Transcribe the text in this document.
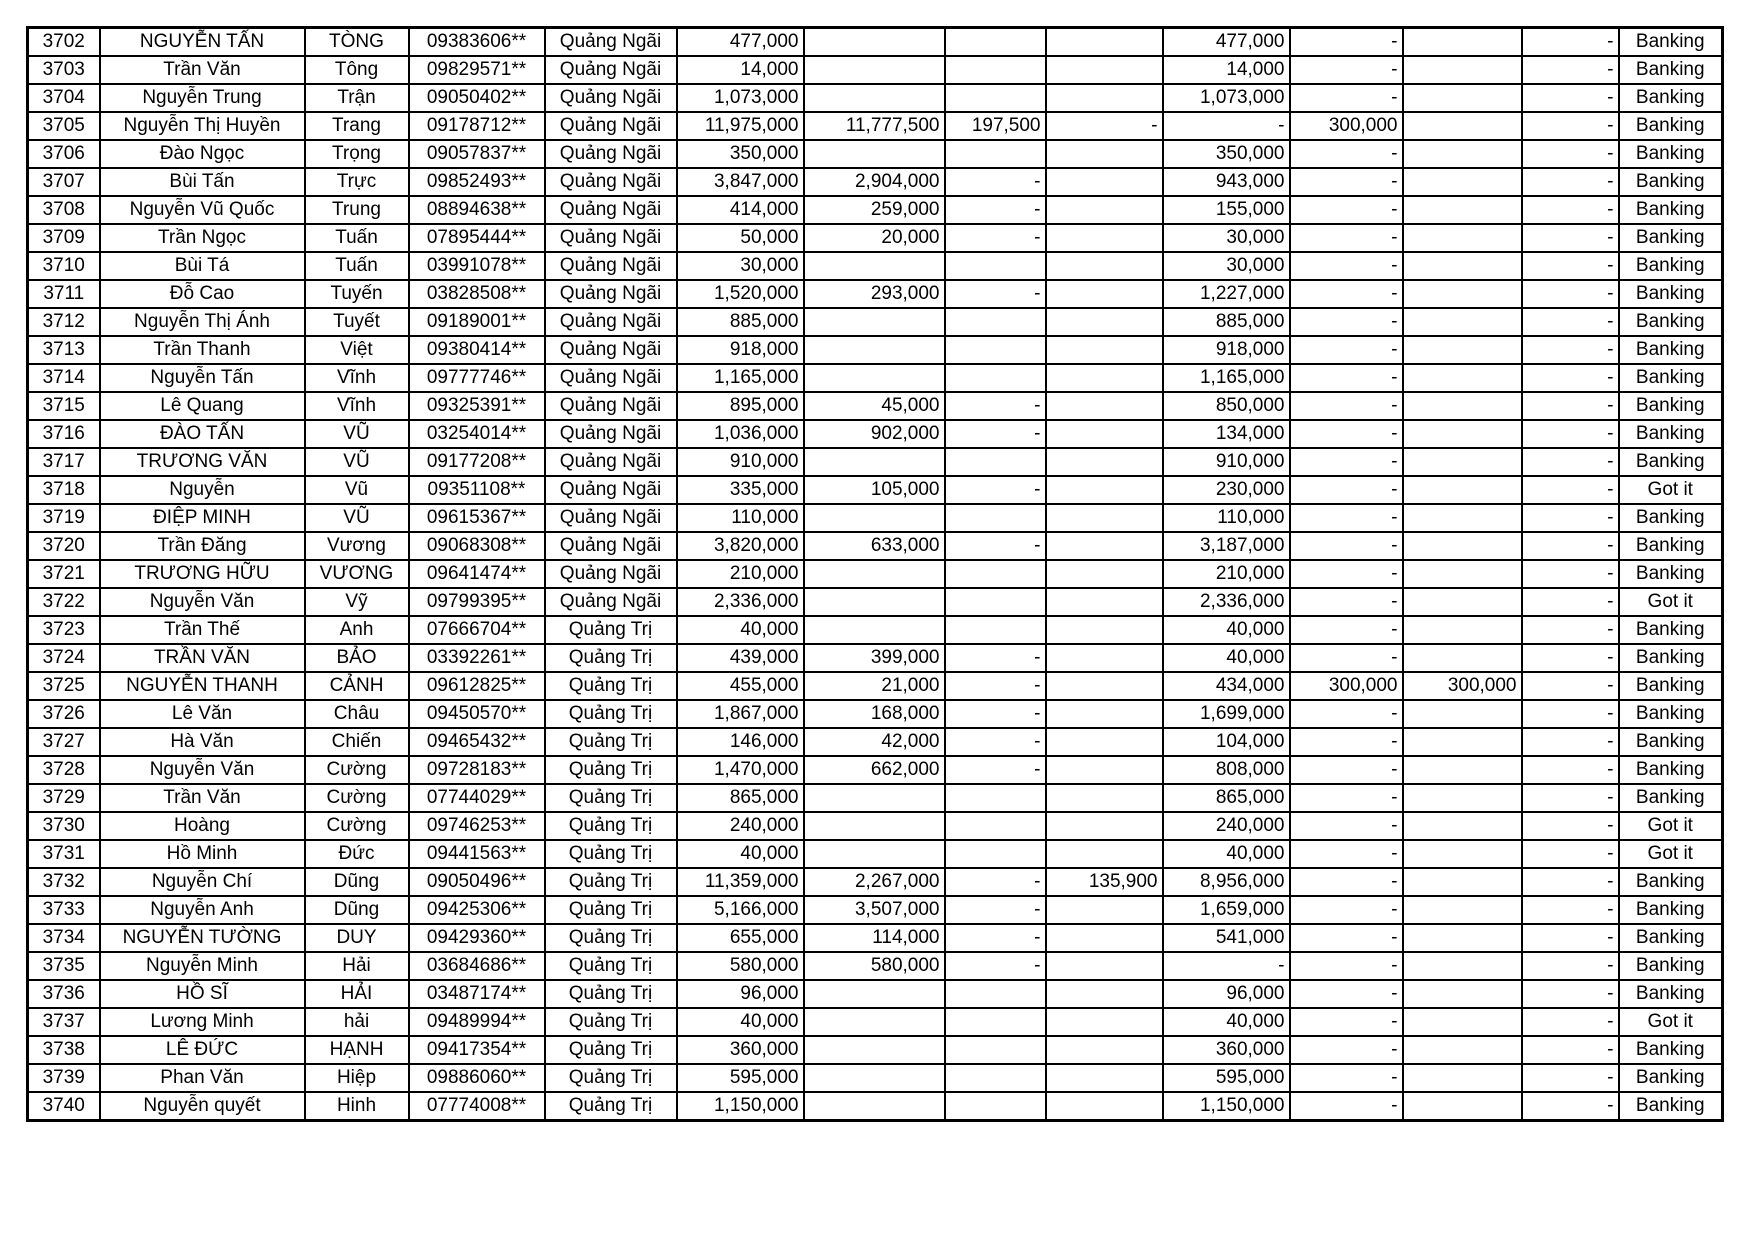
3702	NGUYỄN TẤN	TÒNG	09383606**	Quảng Ngãi	477,000				477,000	-		-	Banking
3703	Trần Văn	Tông	09829571**	Quảng Ngãi	14,000				14,000	-		-	Banking
3704	Nguyễn Trung	Trận	09050402**	Quảng Ngãi	1,073,000				1,073,000	-		-	Banking
3705	Nguyễn Thị Huyền	Trang	09178712**	Quảng Ngãi	11,975,000	11,777,500	197,500	-	-	300,000		-	Banking
3706	Đào Ngọc	Trọng	09057837**	Quảng Ngãi	350,000				350,000	-		-	Banking
3707	Bùi Tấn	Trực	09852493**	Quảng Ngãi	3,847,000	2,904,000	-		943,000	-		-	Banking
3708	Nguyễn Vũ Quốc	Trung	08894638**	Quảng Ngãi	414,000	259,000	-		155,000	-		-	Banking
3709	Trần Ngọc	Tuấn	07895444**	Quảng Ngãi	50,000	20,000	-		30,000	-		-	Banking
3710	Bùi Tá	Tuấn	03991078**	Quảng Ngãi	30,000				30,000	-		-	Banking
3711	Đỗ Cao	Tuyến	03828508**	Quảng Ngãi	1,520,000	293,000	-		1,227,000	-		-	Banking
3712	Nguyễn Thị Ánh	Tuyết	09189001**	Quảng Ngãi	885,000				885,000	-		-	Banking
3713	Trần Thanh	Việt	09380414**	Quảng Ngãi	918,000				918,000	-		-	Banking
3714	Nguyễn Tấn	Vĩnh	09777746**	Quảng Ngãi	1,165,000				1,165,000	-		-	Banking
3715	Lê Quang	Vĩnh	09325391**	Quảng Ngãi	895,000	45,000	-		850,000	-		-	Banking
3716	ĐÀO TẤN	VŨ	03254014**	Quảng Ngãi	1,036,000	902,000	-		134,000	-		-	Banking
3717	TRƯƠNG VĂN	VŨ	09177208**	Quảng Ngãi	910,000				910,000	-		-	Banking
3718	Nguyễn	Vũ	09351108**	Quảng Ngãi	335,000	105,000	-		230,000	-		-	Got it
3719	ĐIỆP MINH	VŨ	09615367**	Quảng Ngãi	110,000				110,000	-		-	Banking
3720	Trần Đăng	Vương	09068308**	Quảng Ngãi	3,820,000	633,000	-		3,187,000	-		-	Banking
3721	TRƯƠNG HỮU	VƯƠNG	09641474**	Quảng Ngãi	210,000				210,000	-		-	Banking
3722	Nguyễn Văn	Vỹ	09799395**	Quảng Ngãi	2,336,000				2,336,000	-		-	Got it
3723	Trần Thế	Anh	07666704**	Quảng Trị	40,000				40,000	-		-	Banking
3724	TRẦN VĂN	BẢO	03392261**	Quảng Trị	439,000	399,000	-		40,000	-		-	Banking
3725	NGUYỄN THANH	CẢNH	09612825**	Quảng Trị	455,000	21,000	-		434,000	300,000	300,000	-	Banking
3726	Lê Văn	Châu	09450570**	Quảng Trị	1,867,000	168,000	-		1,699,000	-		-	Banking
3727	Hà Văn	Chiến	09465432**	Quảng Trị	146,000	42,000	-		104,000	-		-	Banking
3728	Nguyễn Văn	Cường	09728183**	Quảng Trị	1,470,000	662,000	-		808,000	-		-	Banking
3729	Trần Văn	Cường	07744029**	Quảng Trị	865,000				865,000	-		-	Banking
3730	Hoàng	Cường	09746253**	Quảng Trị	240,000				240,000	-		-	Got it
3731	Hồ Minh	Đức	09441563**	Quảng Trị	40,000				40,000	-		-	Got it
3732	Nguyễn Chí	Dũng	09050496**	Quảng Trị	11,359,000	2,267,000	-	135,900	8,956,000	-		-	Banking
3733	Nguyễn Anh	Dũng	09425306**	Quảng Trị	5,166,000	3,507,000	-		1,659,000	-		-	Banking
3734	NGUYỄN TƯỜNG	DUY	09429360**	Quảng Trị	655,000	114,000	-		541,000	-		-	Banking
3735	Nguyễn Minh	Hải	03684686**	Quảng Trị	580,000	580,000	-		-	-		-	Banking
3736	HỒ SĨ	HẢI	03487174**	Quảng Trị	96,000				96,000	-		-	Banking
3737	Lương Minh	hải	09489994**	Quảng Trị	40,000				40,000	-		-	Got it
3738	LÊ ĐỨC	HẠNH	09417354**	Quảng Trị	360,000				360,000	-		-	Banking
3739	Phan Văn	Hiệp	09886060**	Quảng Trị	595,000				595,000	-		-	Banking
3740	Nguyễn quyết	Hinh	07774008**	Quảng Trị	1,150,000				1,150,000	-		-	Banking
